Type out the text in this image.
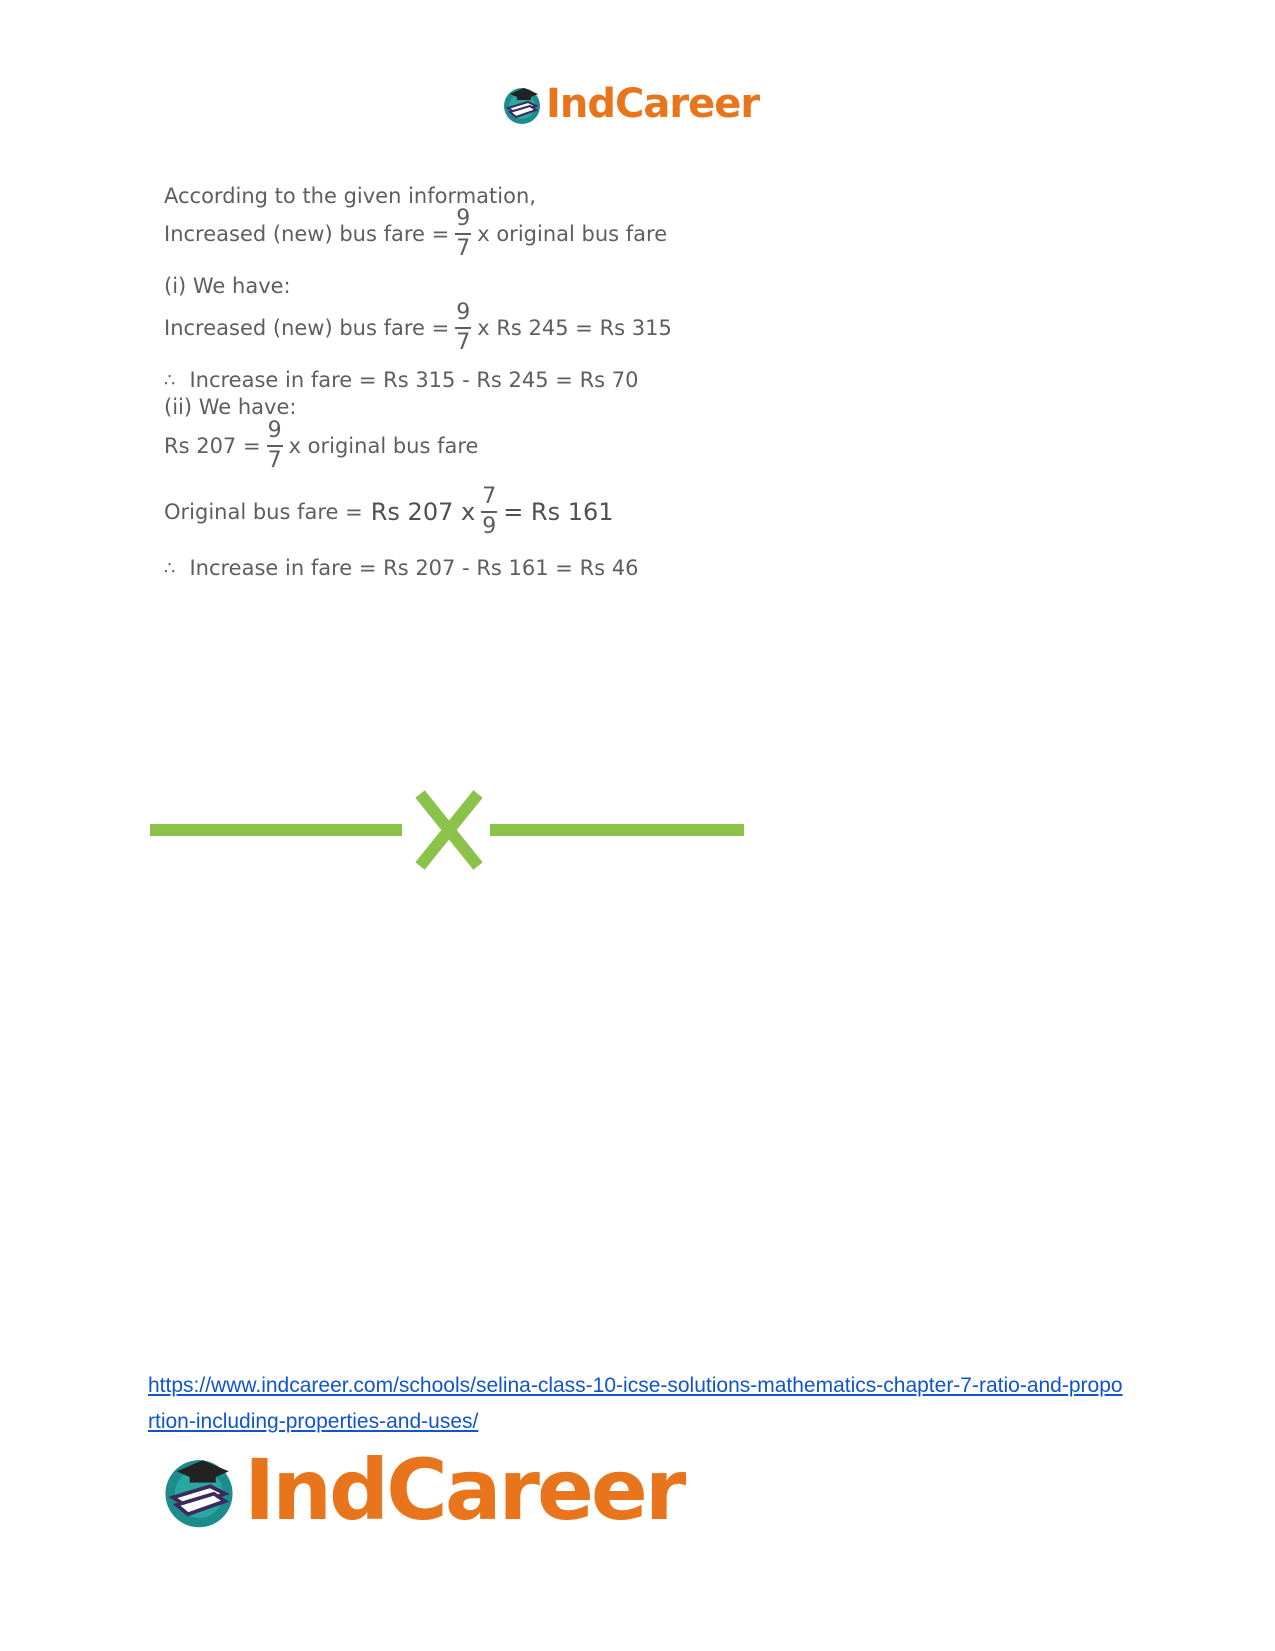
IndCareer
According to the given information,
Increased (new) bus fare = $\frac{9}{7}$ x original bus fare
(i) We have:
Increased (new) bus fare = $\frac{9}{7}$ x Rs 245 = Rs 315
∴ Increase in fare = Rs 315 - Rs 245 = Rs 70
(ii) We have:
Rs $207 = \frac{9}{7}$ x original bus fare
Original bus fare = Rs 207 x $\frac{7}{9} = Rs$ 161
∴ Increase in fare = Rs 207 - Rs 161 = Rs 46
https://www.indcareer.com/schools/selina-class-10-icse-solutions-mathematics-chapter-7-ratio-and-proportion-including-properties-and-uses/
IndCareer
